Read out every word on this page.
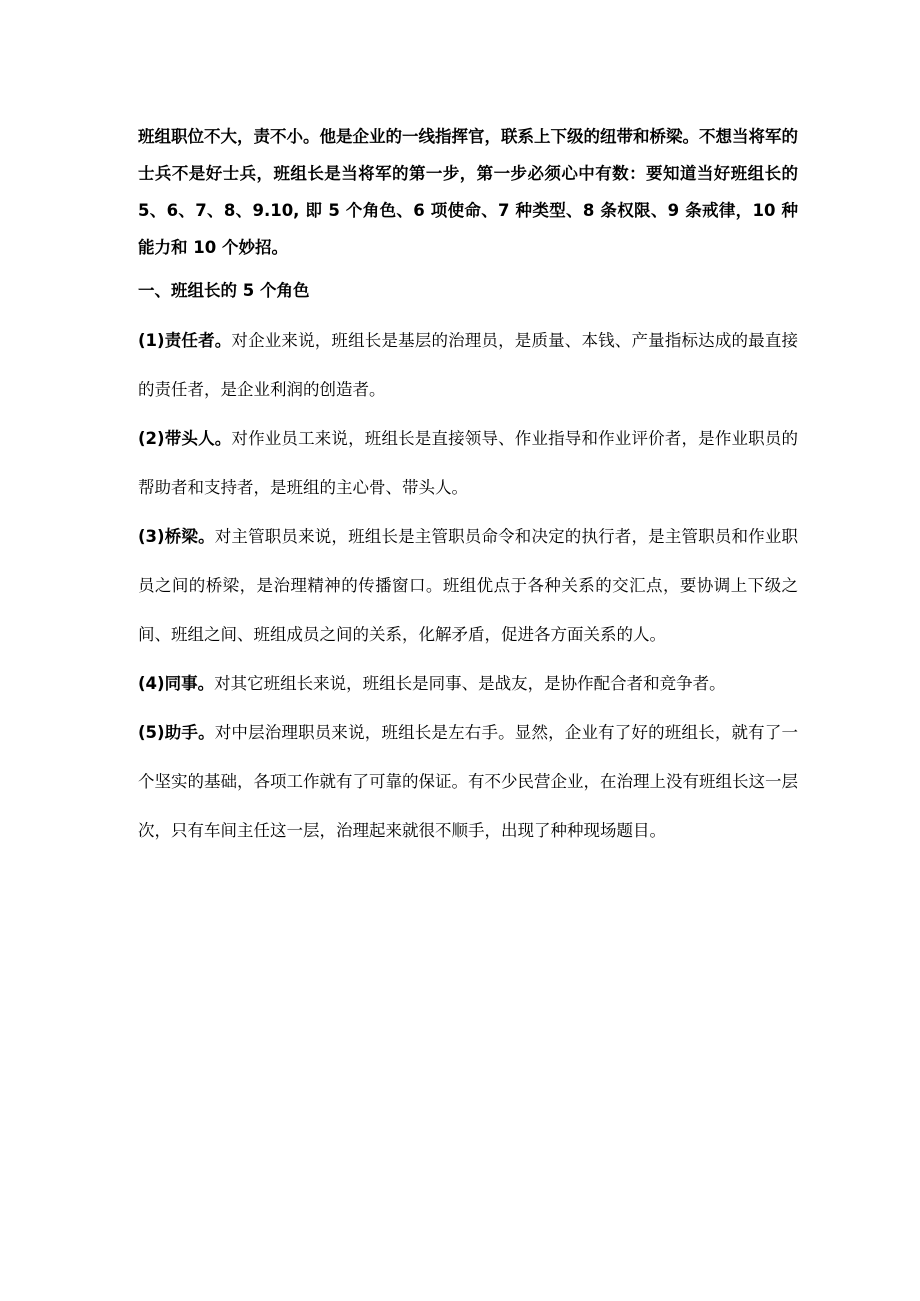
班组职位不大，责不小。他是企业的一线指挥官，联系上下级的纽带和桥梁。不想当将军的士兵不是好士兵，班组长是当将军的第一步，第一步必须心中有数：要知道当好班组长的 5、6、7、8、9.10, 即 5 个角色、6 项使命、7 种类型、8 条权限、9 条戒律，10 种能力和 10 个妙招。

一、班组长的 5 个角色

(1)责任者。对企业来说，班组长是基层的治理员，是质量、本钱、产量指标达成的最直接的责任者，是企业利润的创造者。

(2)带头人。对作业员工来说，班组长是直接领导、作业指导和作业评价者，是作业职员的帮助者和支持者，是班组的主心骨、带头人。

(3)桥梁。对主管职员来说，班组长是主管职员命令和决定的执行者，是主管职员和作业职员之间的桥梁，是治理精神的传播窗口。班组优点于各种关系的交汇点，要协调上下级之间、班组之间、班组成员之间的关系，化解矛盾，促进各方面关系的人。

(4)同事。对其它班组长来说，班组长是同事、是战友，是协作配合者和竞争者。

(5)助手。对中层治理职员来说，班组长是左右手。显然，企业有了好的班组长，就有了一个坚实的基础，各项工作就有了可靠的保证。有不少民营企业，在治理上没有班组长这一层次，只有车间主任这一层，治理起来就很不顺手，出现了种种现场题目。
